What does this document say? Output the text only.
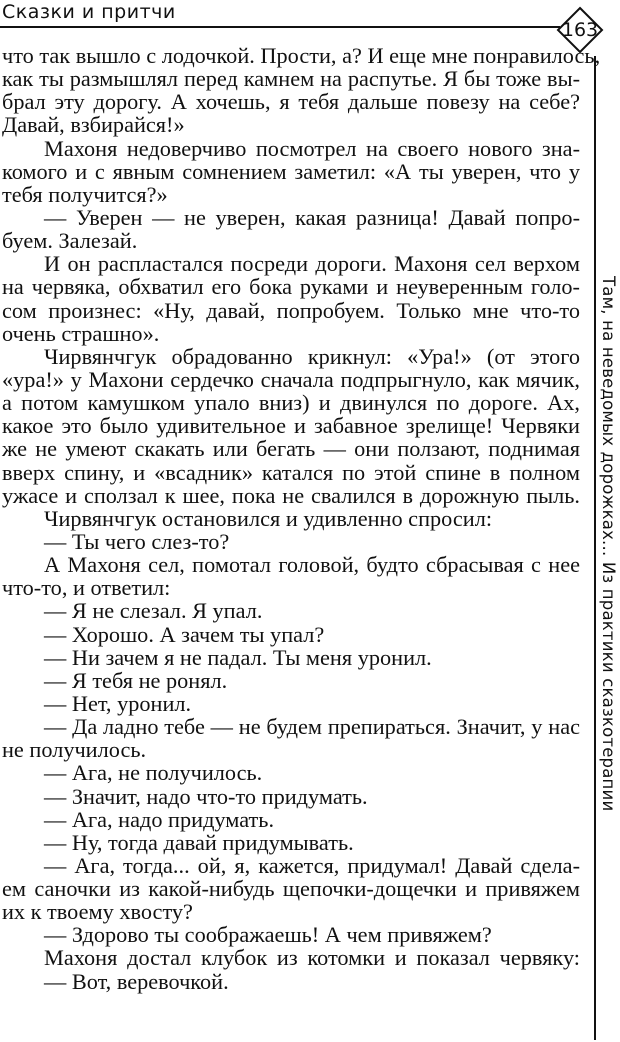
Сказки и притчи
163
Там, на неведомых дорожках... Из практики сказкотерапии
что так вышло с лодочкой. Прости, а? И еще мне понравилось,
как ты размышлял перед камнем на распутье. Я бы тоже вы-
брал эту дорогу. А хочешь, я тебя дальше повезу на себе?
Давай, взбирайся!»
Махоня недоверчиво посмотрел на своего нового зна-
комого и с явным сомнением заметил: «А ты уверен, что у
тебя получится?»
— Уверен — не уверен, какая разница! Давай попро-
буем. Залезай.
И он распластался посреди дороги. Махоня сел верхом
на червяка, обхватил его бока руками и неуверенным голо-
сом произнес: «Ну, давай, попробуем. Только мне что-то
очень страшно».
Чирвянчгук обрадованно крикнул: «Ура!» (от этого
«ура!» у Махони сердечко сначала подпрыгнуло, как мячик,
а потом камушком упало вниз) и двинулся по дороге. Ах,
какое это было удивительное и забавное зрелище! Червяки
же не умеют скакать или бегать — они ползают, поднимая
вверх спину, и «всадник» катался по этой спине в полном
ужасе и сползал к шее, пока не свалился в дорожную пыль.
Чирвянчгук остановился и удивленно спросил:
— Ты чего слез-то?
А Махоня сел, помотал головой, будто сбрасывая с нее
что-то, и ответил:
— Я не слезал. Я упал.
— Хорошо. А зачем ты упал?
— Ни зачем я не падал. Ты меня уронил.
— Я тебя не ронял.
— Нет, уронил.
— Да ладно тебе — не будем препираться. Значит, у нас
не получилось.
— Ага, не получилось.
— Значит, надо что-то придумать.
— Ага, надо придумать.
— Ну, тогда давай придумывать.
— Ага, тогда... ой, я, кажется, придумал! Давай сдела-
ем саночки из какой-нибудь щепочки-дощечки и привяжем
их к твоему хвосту?
— Здорово ты соображаешь! А чем привяжем?
Махоня достал клубок из котомки и показал червяку:
— Вот, веревочкой.
